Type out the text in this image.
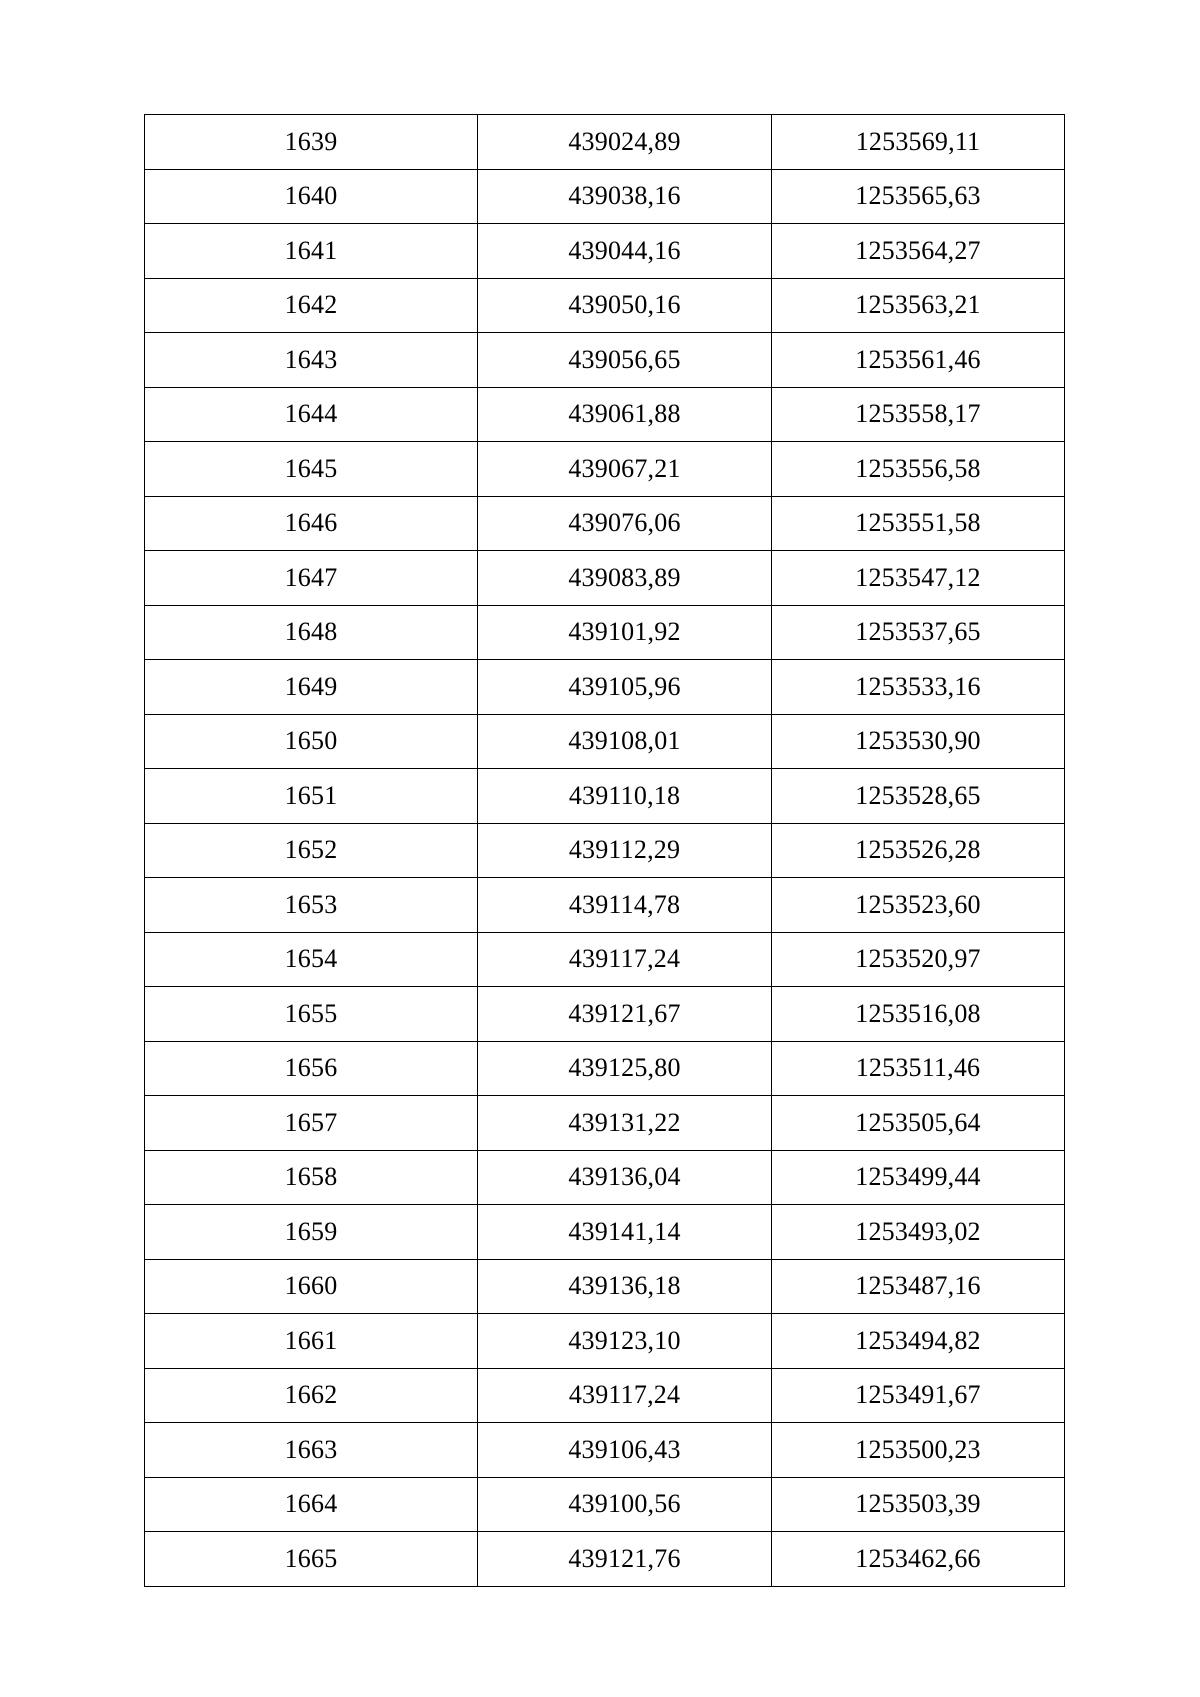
1639	439024,89	1253569,11
1640	439038,16	1253565,63
1641	439044,16	1253564,27
1642	439050,16	1253563,21
1643	439056,65	1253561,46
1644	439061,88	1253558,17
1645	439067,21	1253556,58
1646	439076,06	1253551,58
1647	439083,89	1253547,12
1648	439101,92	1253537,65
1649	439105,96	1253533,16
1650	439108,01	1253530,90
1651	439110,18	1253528,65
1652	439112,29	1253526,28
1653	439114,78	1253523,60
1654	439117,24	1253520,97
1655	439121,67	1253516,08
1656	439125,80	1253511,46
1657	439131,22	1253505,64
1658	439136,04	1253499,44
1659	439141,14	1253493,02
1660	439136,18	1253487,16
1661	439123,10	1253494,82
1662	439117,24	1253491,67
1663	439106,43	1253500,23
1664	439100,56	1253503,39
1665	439121,76	1253462,66
